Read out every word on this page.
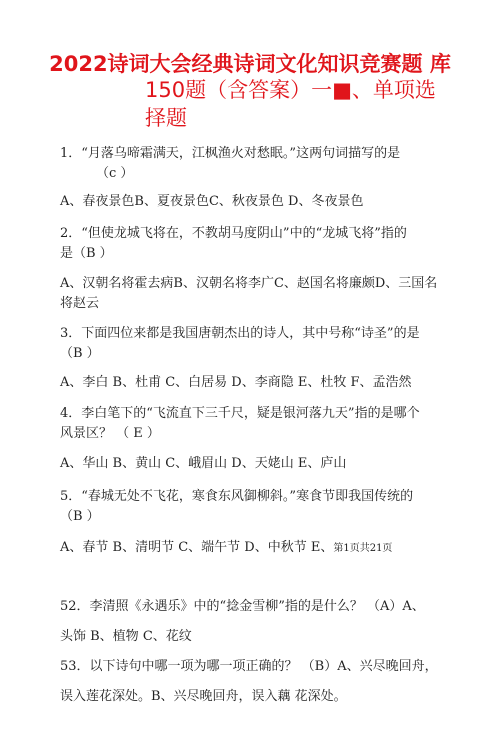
2022诗词大会经典诗词文化知识竞赛题 库
150题（含答案）一■、单项选
择题
1．“月落乌啼霜满天，江枫渔火对愁眠。”这两句词描写的是
（c ）
A、春夜景色B、夏夜景色C、秋夜景色 D、冬夜景色
2．“但使龙城飞将在，不教胡马度阴山”中的“龙城飞将”指的
是（B ）
A、汉朝名将霍去病B、汉朝名将李广C、赵国名将廉颇D、三国名
将赵云
3．下面四位来都是我国唐朝杰出的诗人，其中号称“诗圣”的是
（B ）
A、李白 B、杜甫 C、白居易 D、李商隐 E、杜牧 F、孟浩然
4．李白笔下的“飞流直下三千尺，疑是银河落九天”指的是哪个
风景区？ （ E ）
A、华山 B、黄山 C、峨眉山 D、天姥山 E、庐山
5．“春城无处不飞花，寒食东风御柳斜。”寒食节即我国传统的
（B ）
A、春节 B、清明节 C、端午节 D、中秋节 E、第1页共21页
52．李清照《永遇乐》中的“捻金雪柳”指的是什么？ （A）A、
头饰 B、植物 C、花纹
53．以下诗句中哪一项为哪一项正确的？ （B）A、兴尽晚回舟，
误入莲花深处。B、兴尽晚回舟，误入藕 花深处。
